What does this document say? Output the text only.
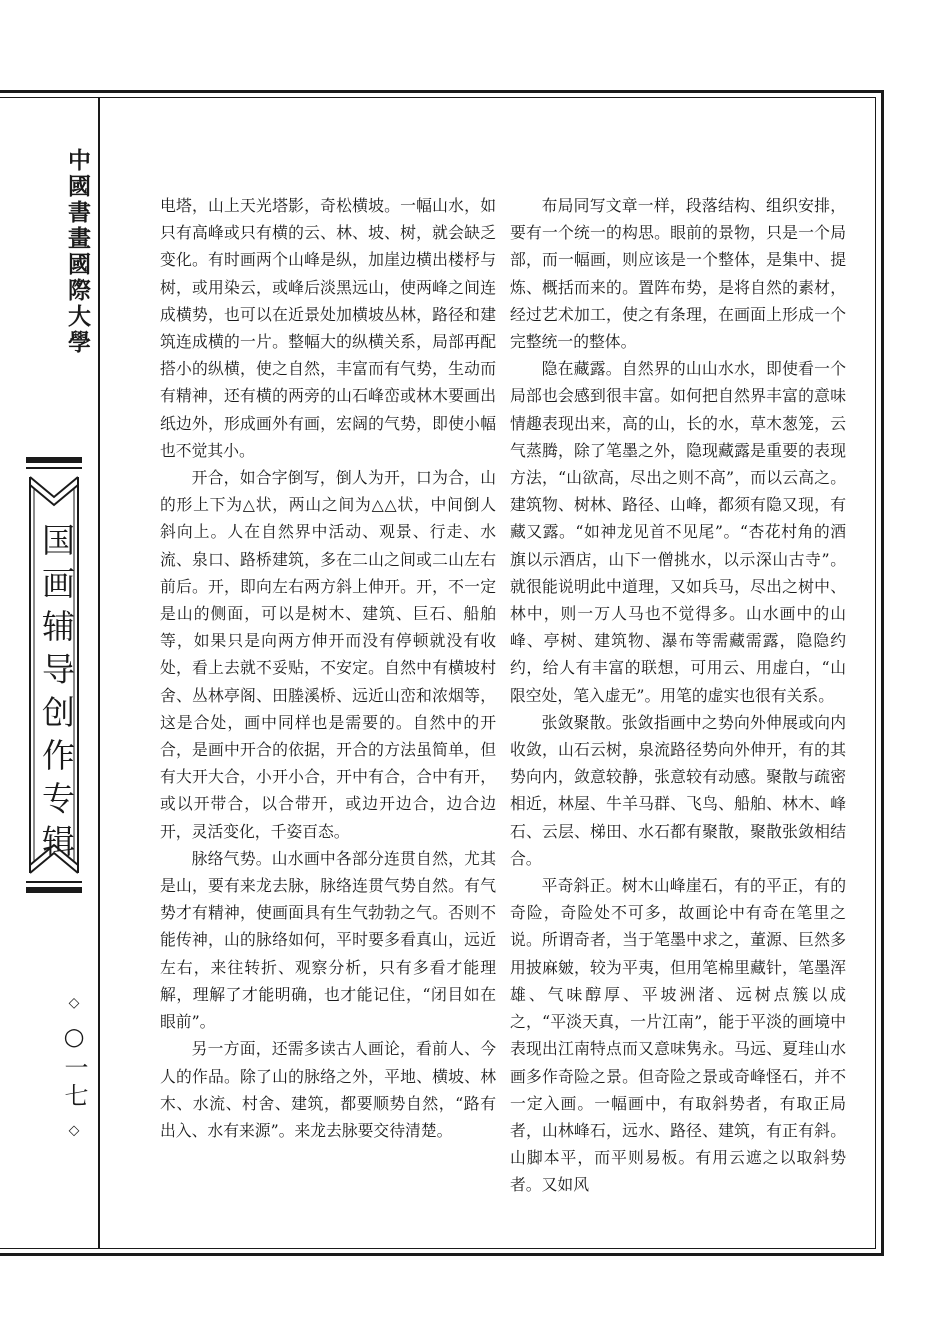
中國書畫國際大學
国画辅导创作专辑
◇ ○一七 ◇

电塔，山上天光塔影，奇松横坡。一幅山水，如只有高峰或只有横的云、林、坡、树，就会缺乏变化。有时画两个山峰是纵，加崖边横出楼杼与树，或用染云，或峰后淡黑远山，使两峰之间连成横势，也可以在近景处加横坡丛林，路径和建筑连成横的一片。整幅大的纵横关系，局部再配搭小的纵横，使之自然，丰富而有气势，生动而有精神，还有横的两旁的山石峰峦或林木要画出纸边外，形成画外有画，宏阔的气势，即使小幅也不觉其小。

开合，如合字倒写，倒人为开，口为合，山的形上下为△状，两山之间为△△状，中间倒人斜向上。人在自然界中活动、观景、行走、水流、泉口、路桥建筑，多在二山之间或二山左右前后。开，即向左右两方斜上伸开。开，不一定是山的侧面，可以是树木、建筑、巨石、船舶等，如果只是向两方伸开而没有停顿就没有收处，看上去就不妥贴，不安定。自然中有横坡村舍、丛林亭阁、田塍溪桥、远近山峦和浓烟等，这是合处，画中同样也是需要的。自然中的开合，是画中开合的依据，开合的方法虽简单，但有大开大合，小开小合，开中有合，合中有开，或以开带合，以合带开，或边开边合，边合边开，灵活变化，千姿百态。

脉络气势。山水画中各部分连贯自然，尤其是山，要有来龙去脉，脉络连贯气势自然。有气势才有精神，使画面具有生气勃勃之气。否则不能传神，山的脉络如何，平时要多看真山，远近左右，来往转折、观察分析，只有多看才能理解，理解了才能明确，也才能记住，“闭目如在眼前”。

另一方面，还需多读古人画论，看前人、今人的作品。除了山的脉络之外，平地、横坡、林木、水流、村舍、建筑，都要顺势自然，“路有出入、水有来源”。来龙去脉要交待清楚。

布局同写文章一样，段落结构、组织安排，要有一个统一的构思。眼前的景物，只是一个局部，而一幅画，则应该是一个整体，是集中、提炼、概括而来的。置阵布势，是将自然的素材，经过艺术加工，使之有条理，在画面上形成一个完整统一的整体。

隐在藏露。自然界的山山水水，即使看一个局部也会感到很丰富。如何把自然界丰富的意味情趣表现出来，高的山，长的水，草木葱笼，云气蒸腾，除了笔墨之外，隐现藏露是重要的表现方法，“山欲高，尽出之则不高”，而以云高之。建筑物、树林、路径、山峰，都须有隐又现，有藏又露。“如神龙见首不见尾”。“杏花村角的酒旗以示酒店，山下一僧挑水，以示深山古寺”。就很能说明此中道理，又如兵马，尽出之树中、林中，则一万人马也不觉得多。山水画中的山峰、亭树、建筑物、瀑布等需藏需露，隐隐约约，给人有丰富的联想，可用云、用虚白，“山限空处，笔入虚无”。用笔的虚实也很有关系。

张敛聚散。张敛指画中之势向外伸展或向内收敛，山石云树，泉流路径势向外伸开，有的其势向内，敛意较静，张意较有动感。聚散与疏密相近，林屋、牛羊马群、飞鸟、船舶、林木、峰石、云层、梯田、水石都有聚散，聚散张敛相结合。

平奇斜正。树木山峰崖石，有的平正，有的奇险，奇险处不可多，故画论中有奇在笔里之说。所谓奇者，当于笔墨中求之，董源、巨然多用披麻皴，较为平夷，但用笔棉里藏针，笔墨浑雄、气味醇厚、平坡洲渚、远树点簇以成之，“平淡天真，一片江南”，能于平淡的画境中表现出江南特点而又意味隽永。马远、夏珪山水画多作奇险之景。但奇险之景或奇峰怪石，并不一定入画。一幅画中，有取斜势者，有取正局者，山林峰石，远水、路径、建筑，有正有斜。山脚本平，而平则易板。有用云遮之以取斜势者。又如风
